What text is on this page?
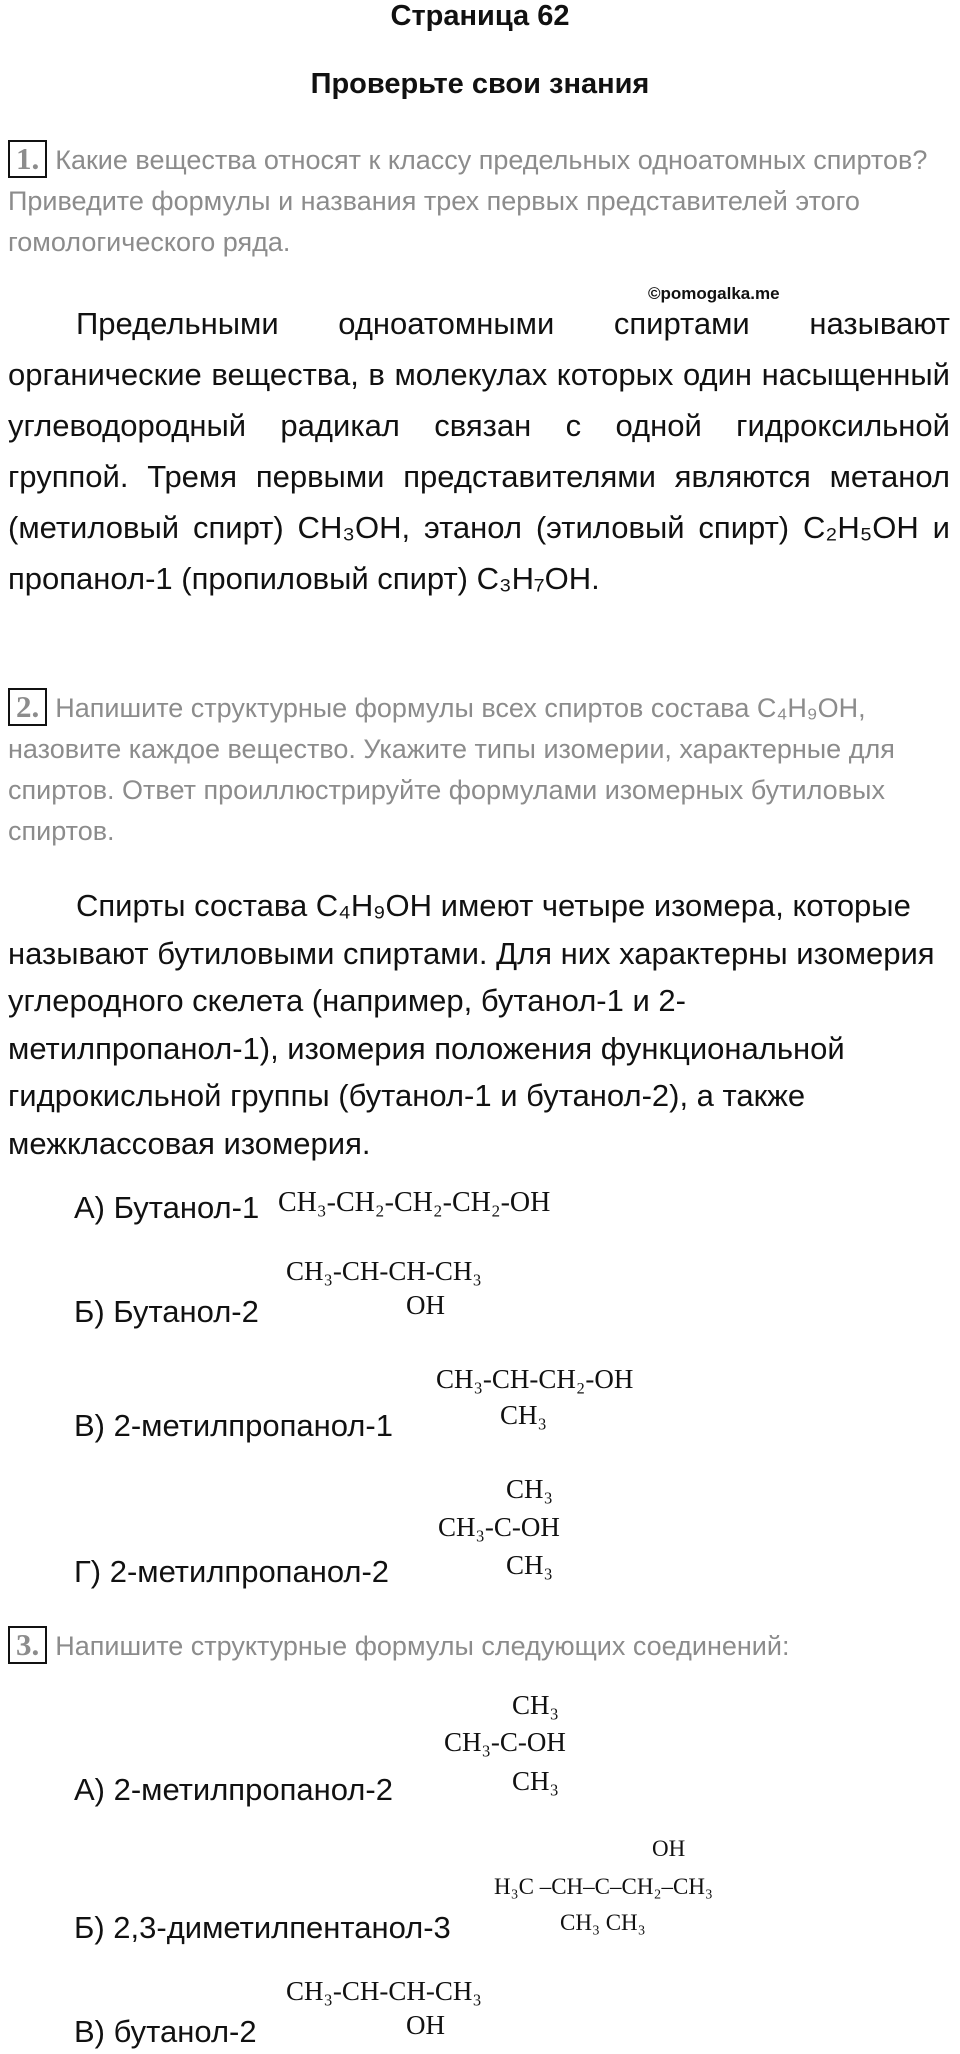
Страница 62
Проверьте свои знания
1. Какие вещества относят к классу предельных одноатомных спиртов? Приведите формулы и названия трех первых представителей этого гомологического ряда.
©pomogalka.me
Предельными одноатомными спиртами называют органические вещества, в молекулах которых один насыщенный углеводородный радикал связан с одной гидроксильной группой. Тремя первыми представителями являются метанол (метиловый спирт) CH₃OH, этанол (этиловый спирт) C₂H₅OH и пропанол-1 (пропиловый спирт) C₃H₇OH.
2. Напишите структурные формулы всех спиртов состава C₄H₉OH, назовите каждое вещество. Укажите типы изомерии, характерные для спиртов. Ответ проиллюстрируйте формулами изомерных бутиловых спиртов.
Спирты состава C₄H₉OH имеют четыре изомера, которые называют бутиловыми спиртами. Для них характерны изомерия углеродного скелета (например, бутанол-1 и 2-метилпропанол-1), изомерия положения функциональной гидрокисльной группы (бутанол-1 и бутанол-2), а также межклассовая изомерия.
А) Бутанол-1 CH₃-CH₂-CH₂-CH₂-OH
Б) Бутанол-2
CH₃-CH-CH-CH₃
OH
В) 2-метилпропанол-1
CH₃-CH-CH₂-OH
CH₃
Г) 2-метилпропанол-2
CH₃
CH₃-C-OH
CH₃
3. Напишите структурные формулы следующих соединений:
А) 2-метилпропанол-2
CH₃
CH₃-C-OH
CH₃
Б) 2,3-диметилпентанол-3
OH
H₃C –CH–C–CH₂–CH₃
CH₃ CH₃
В) бутанол-2
CH₃-CH-CH-CH₃
OH
